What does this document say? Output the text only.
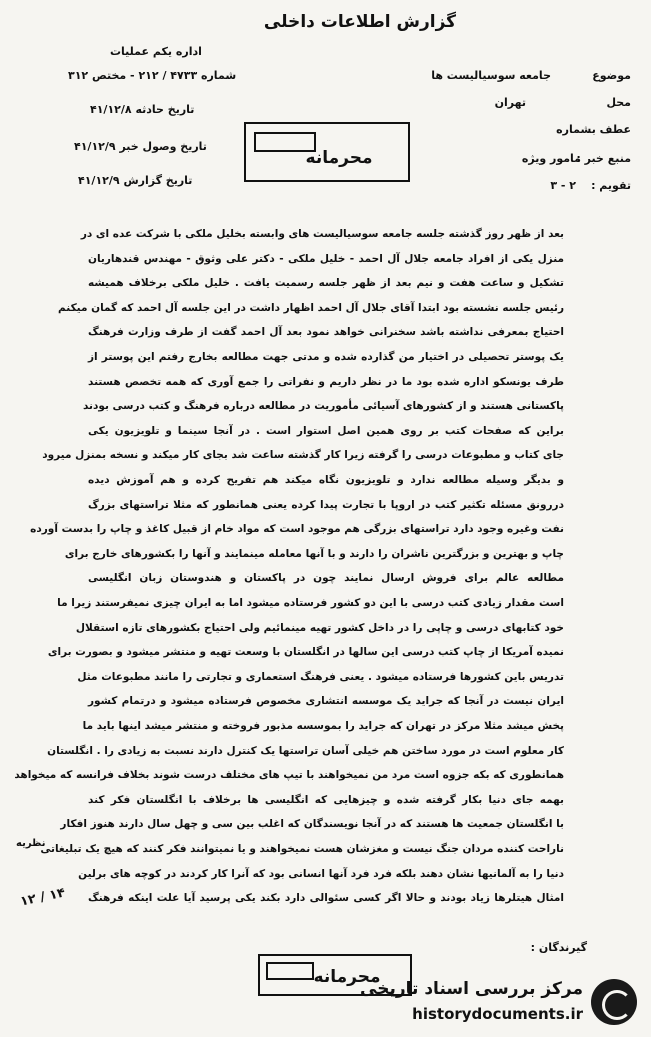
گزارش اطلاعات داخلی
موضوع
جامعه سوسیالیست ها
محل
تهران
عطف بشماره
منبع خبر :
مامور ویژه
تقویم :
۳ - ۲
اداره یکم عملیات
شماره ۴۷۳۳ / ۲۱۲ - مختص ۳۱۲
تاریخ حادثه ۴۱/۱۲/۸
تاریخ وصول خبر ۴۱/۱۲/۹
تاریخ گزارش ۴۱/۱۲/۹
محرمانه
بعد از ظهر روز گذشته جلسه جامعه سوسیالیست های وابسته بخلیل ملکی با شرکت عده ای در
منزل یکی از افراد جامعه جلال آل احمد - خلیل ملکی - دکتر علی وثوق - مهندس قندهاریان
تشکیل و ساعت هفت و نیم بعد از ظهر جلسه رسمیت یافت . خلیل ملکی برخلاف همیشه
رئیس جلسه نشسته بود ابتدا آقای جلال آل احمد اظهار داشت در این جلسه آل احمد که گمان میکنم
احتیاج بمعرفی نداشته باشد سخنرانی خواهد نمود بعد آل احمد گفت از طرف وزارت فرهنگ
یک پوستر تحصیلی در اختیار من گذارده شده و مدتی جهت مطالعه بخارج رفتم این پوستر از
طرف یونسکو اداره شده بود ما در نظر داریم و نفراتی را جمع آوری که همه تخصص هستند
پاکستانی هستند و از کشورهای آسیائی مأموریت در مطالعه درباره فرهنگ و کتب درسی بودند
براین که صفحات کتب بر روی همین اصل استوار است . در آنجا سینما و تلویزیون یکی
جای کتاب و مطبوعات درسی را گرفته زیرا کار گذشته ساعت شد بجای کار میکند و نسخه بمنزل میرود
و بدیگر وسیله مطالعه ندارد و تلویزیون نگاه میکند هم تفریح کرده و هم آموزش دیده
دررونق مسئله تکثیر کتب در اروپا با تجارت پیدا کرده یعنی همانطور که مثلا تراستهای بزرگ
نفت وغیره وجود دارد تراستهای بزرگی هم موجود است که مواد خام از قبیل کاغذ و چاپ را بدست آورده
چاپ و بهترین و بزرگترین ناشران را دارند و با آنها معامله مینمایند و آنها را بکشورهای خارج برای
مطالعه عالم برای فروش ارسال نمایند چون در پاکستان و هندوستان زبان انگلیسی
است مقدار زیادی کتب درسی با این دو کشور فرستاده میشود اما به ایران چیزی نمیفرستند زیرا ما
خود کتابهای درسی و چاپی را در داخل کشور تهیه مینمائیم ولی احتیاج بکشورهای تازه استقلال
نمیده آمریکا از چاپ کتب درسی این سالها در انگلستان با وسعت تهیه و منتشر میشود و بصورت برای
تدریس باین کشورها فرستاده میشود . یعنی فرهنگ استعماری و تجارتی را مانند مطبوعات مثل
ایران نیست در آنجا که جراید یک موسسه انتشاری مخصوص فرستاده میشود و درتمام کشور
پخش میشد مثلا مرکز در تهران که جراید را بموسسه مذبور فروخته و منتشر میشد اینها باید ما
کار معلوم است در مورد ساختن هم خیلی آسان تراستها یک کنترل دارند نسبت به زیادی را . انگلستان
همانطوری که بکه جزوه است مرد من نمیخواهند با تیپ های مختلف درست شوند بخلاف فرانسه که میخواهد
بهمه جای دنیا بکار گرفته شده و چیزهایی که انگلیسی ها برخلاف با انگلستان فکر کند
با انگلستان جمعیت ها هستند که در آنجا نویسندگان که اغلب بین سی و چهل سال دارند هنوز افکار
ناراحت کننده مردان جنگ نیست و مغزشان هست نمیخواهند و یا نمیتوانند فکر کنند که هیچ یک تبلیغاتی
دنیا را به آلمانیها نشان دهند بلکه فرد فرد آنها انسانی بود که آنرا کار کردند در کوچه های برلین
امثال هیتلرها زیاد بودند و حالا اگر کسی سئوالی دارد بکند یکی پرسید آیا علت اینکه فرهنگ
نظریه
۱۴ / ۱۲
گیرندگان :
محرمانه
مرکز بررسی اسناد تاریخی
historydocuments.ir
